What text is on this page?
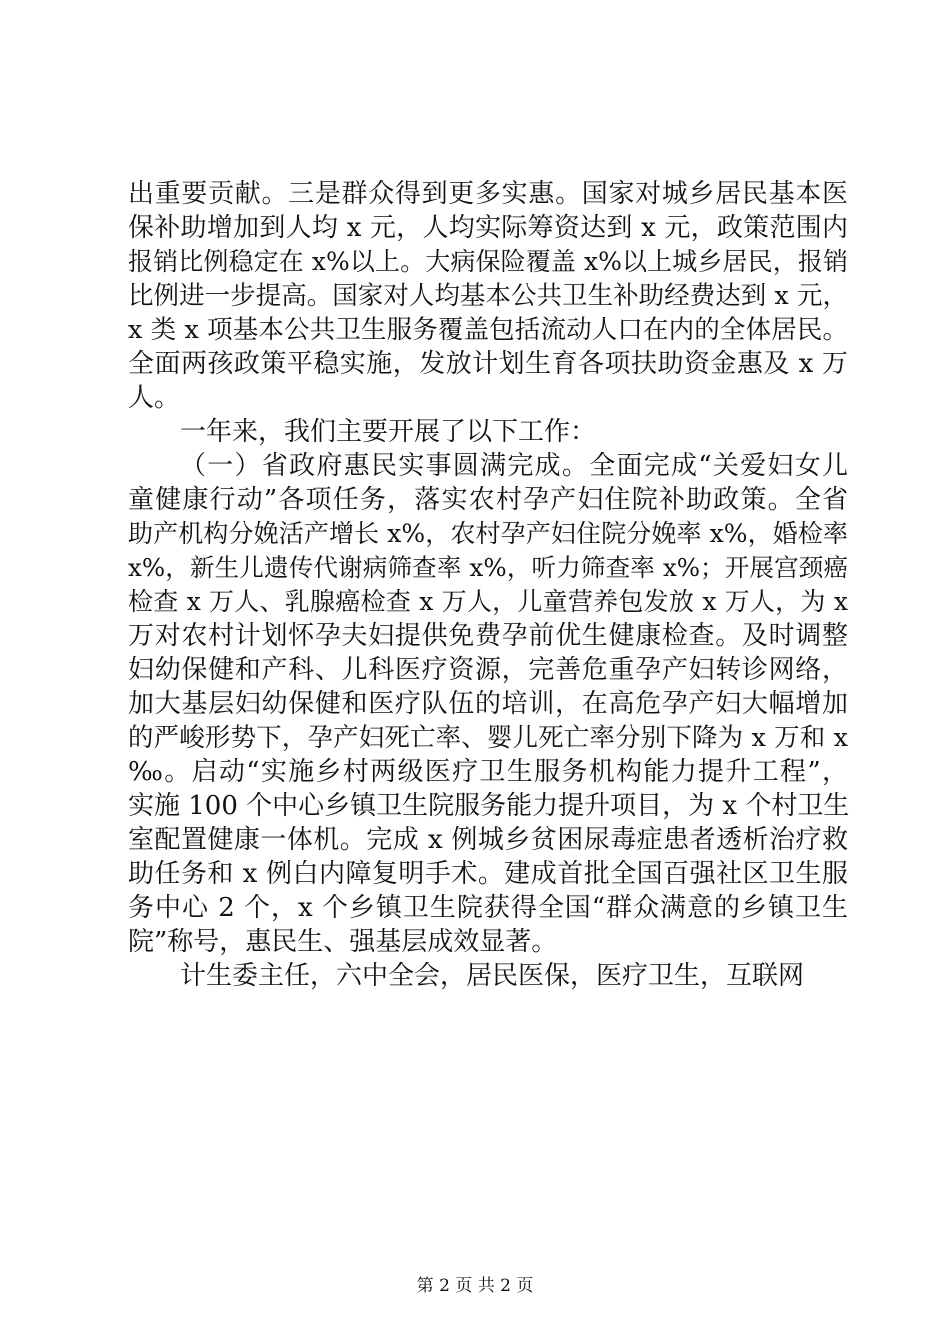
出重要贡献。三是群众得到更多实惠。国家对城乡居民基本医
保补助增加到人均 x 元，人均实际筹资达到 x 元，政策范围内
报销比例稳定在 x%以上。大病保险覆盖 x%以上城乡居民，报销
比例进一步提高。国家对人均基本公共卫生补助经费达到 x 元，
x 类 x 项基本公共卫生服务覆盖包括流动人口在内的全体居民。
全面两孩政策平稳实施，发放计划生育各项扶助资金惠及 x 万
人。
一年来，我们主要开展了以下工作：
（一）省政府惠民实事圆满完成。全面完成“关爱妇女儿
童健康行动”各项任务，落实农村孕产妇住院补助政策。全省
助产机构分娩活产增长 x%，农村孕产妇住院分娩率 x%，婚检率
x%，新生儿遗传代谢病筛查率 x%，听力筛查率 x%；开展宫颈癌
检查 x 万人、乳腺癌检查 x 万人，儿童营养包发放 x 万人，为 x
万对农村计划怀孕夫妇提供免费孕前优生健康检查。及时调整
妇幼保健和产科、儿科医疗资源，完善危重孕产妇转诊网络，
加大基层妇幼保健和医疗队伍的培训，在高危孕产妇大幅增加
的严峻形势下，孕产妇死亡率、婴儿死亡率分别下降为 x 万和 x
‰。启动“实施乡村两级医疗卫生服务机构能力提升工程”，
实施 100 个中心乡镇卫生院服务能力提升项目，为 x 个村卫生
室配置健康一体机。完成 x 例城乡贫困尿毒症患者透析治疗救
助任务和 x 例白内障复明手术。建成首批全国百强社区卫生服
务中心 2 个，x 个乡镇卫生院获得全国“群众满意的乡镇卫生
院”称号，惠民生、强基层成效显著。
计生委主任，六中全会，居民医保，医疗卫生，互联网
第 2 页 共 2 页
